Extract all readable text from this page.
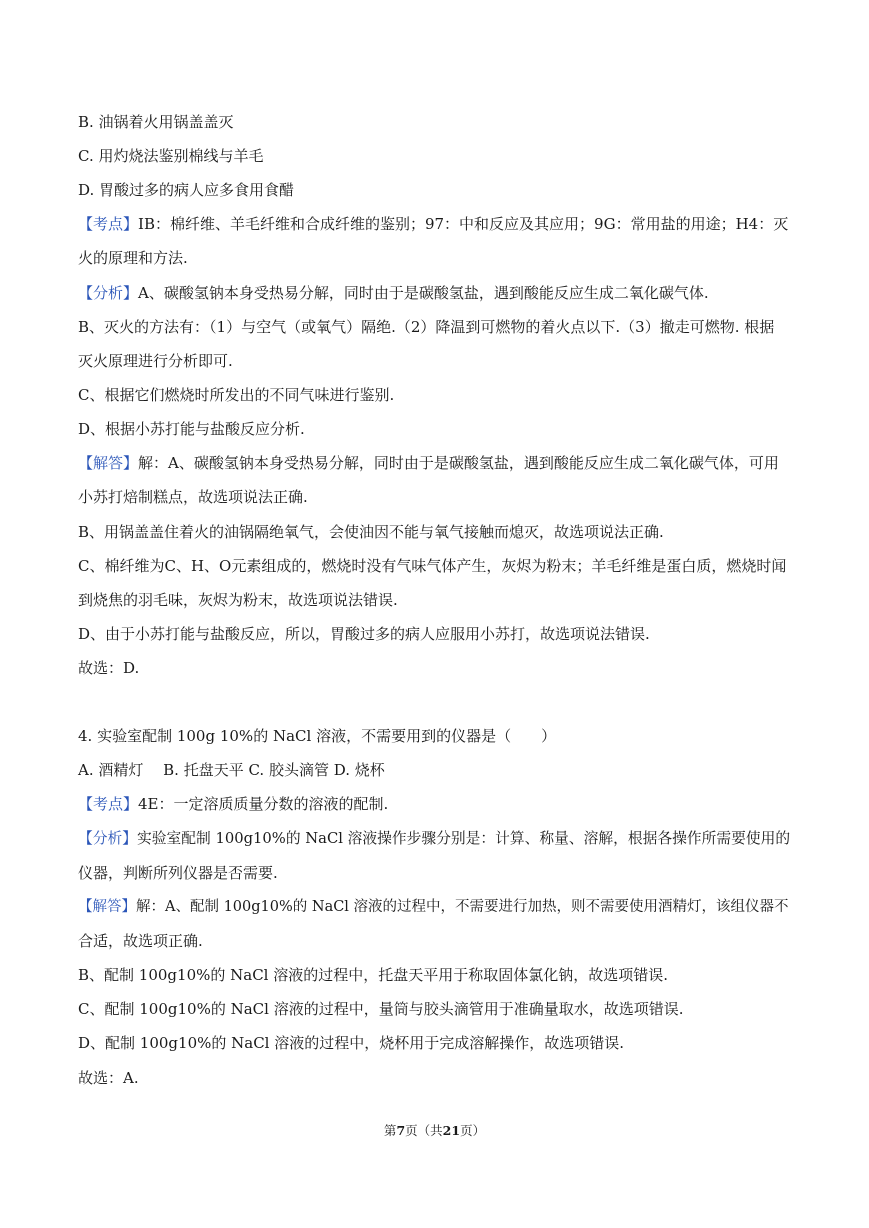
B. 油锅着火用锅盖盖灭
C. 用灼烧法鉴别棉线与羊毛
D. 胃酸过多的病人应多食用食醋
【考点】IB：棉纤维、羊毛纤维和合成纤维的鉴别；97：中和反应及其应用；9G：常用盐的用途；H4：灭
火的原理和方法.
【分析】A、碳酸氢钠本身受热易分解，同时由于是碳酸氢盐，遇到酸能反应生成二氧化碳气体.
B、灭火的方法有：（1）与空气（或氧气）隔绝.（2）降温到可燃物的着火点以下.（3）撤走可燃物. 根据
灭火原理进行分析即可.
C、根据它们燃烧时所发出的不同气味进行鉴别.
D、根据小苏打能与盐酸反应分析.
【解答】解：A、碳酸氢钠本身受热易分解，同时由于是碳酸氢盐，遇到酸能反应生成二氧化碳气体，可用
小苏打焙制糕点，故选项说法正确.
B、用锅盖盖住着火的油锅隔绝氧气，会使油因不能与氧气接触而熄灭，故选项说法正确.
C、棉纤维为C、H、O元素组成的，燃烧时没有气味气体产生，灰烬为粉末；羊毛纤维是蛋白质，燃烧时闻
到烧焦的羽毛味，灰烬为粉末，故选项说法错误.
D、由于小苏打能与盐酸反应，所以，胃酸过多的病人应服用小苏打，故选项说法错误.
故选：D.
4. 实验室配制 100g 10%的 NaCl 溶液，不需要用到的仪器是（　　）
A. 酒精灯　 B. 托盘天平 C. 胶头滴管 D. 烧杯
【考点】4E：一定溶质质量分数的溶液的配制.
【分析】实验室配制 100g10%的 NaCl 溶液操作步骤分别是：计算、称量、溶解，根据各操作所需要使用的
仪器，判断所列仪器是否需要.
【解答】解：A、配制 100g10%的 NaCl 溶液的过程中，不需要进行加热，则不需要使用酒精灯，该组仪器不
合适，故选项正确.
B、配制 100g10%的 NaCl 溶液的过程中，托盘天平用于称取固体氯化钠，故选项错误.
C、配制 100g10%的 NaCl 溶液的过程中，量筒与胶头滴管用于准确量取水，故选项错误.
D、配制 100g10%的 NaCl 溶液的过程中，烧杯用于完成溶解操作，故选项错误.
故选：A.
第7页（共21页）
